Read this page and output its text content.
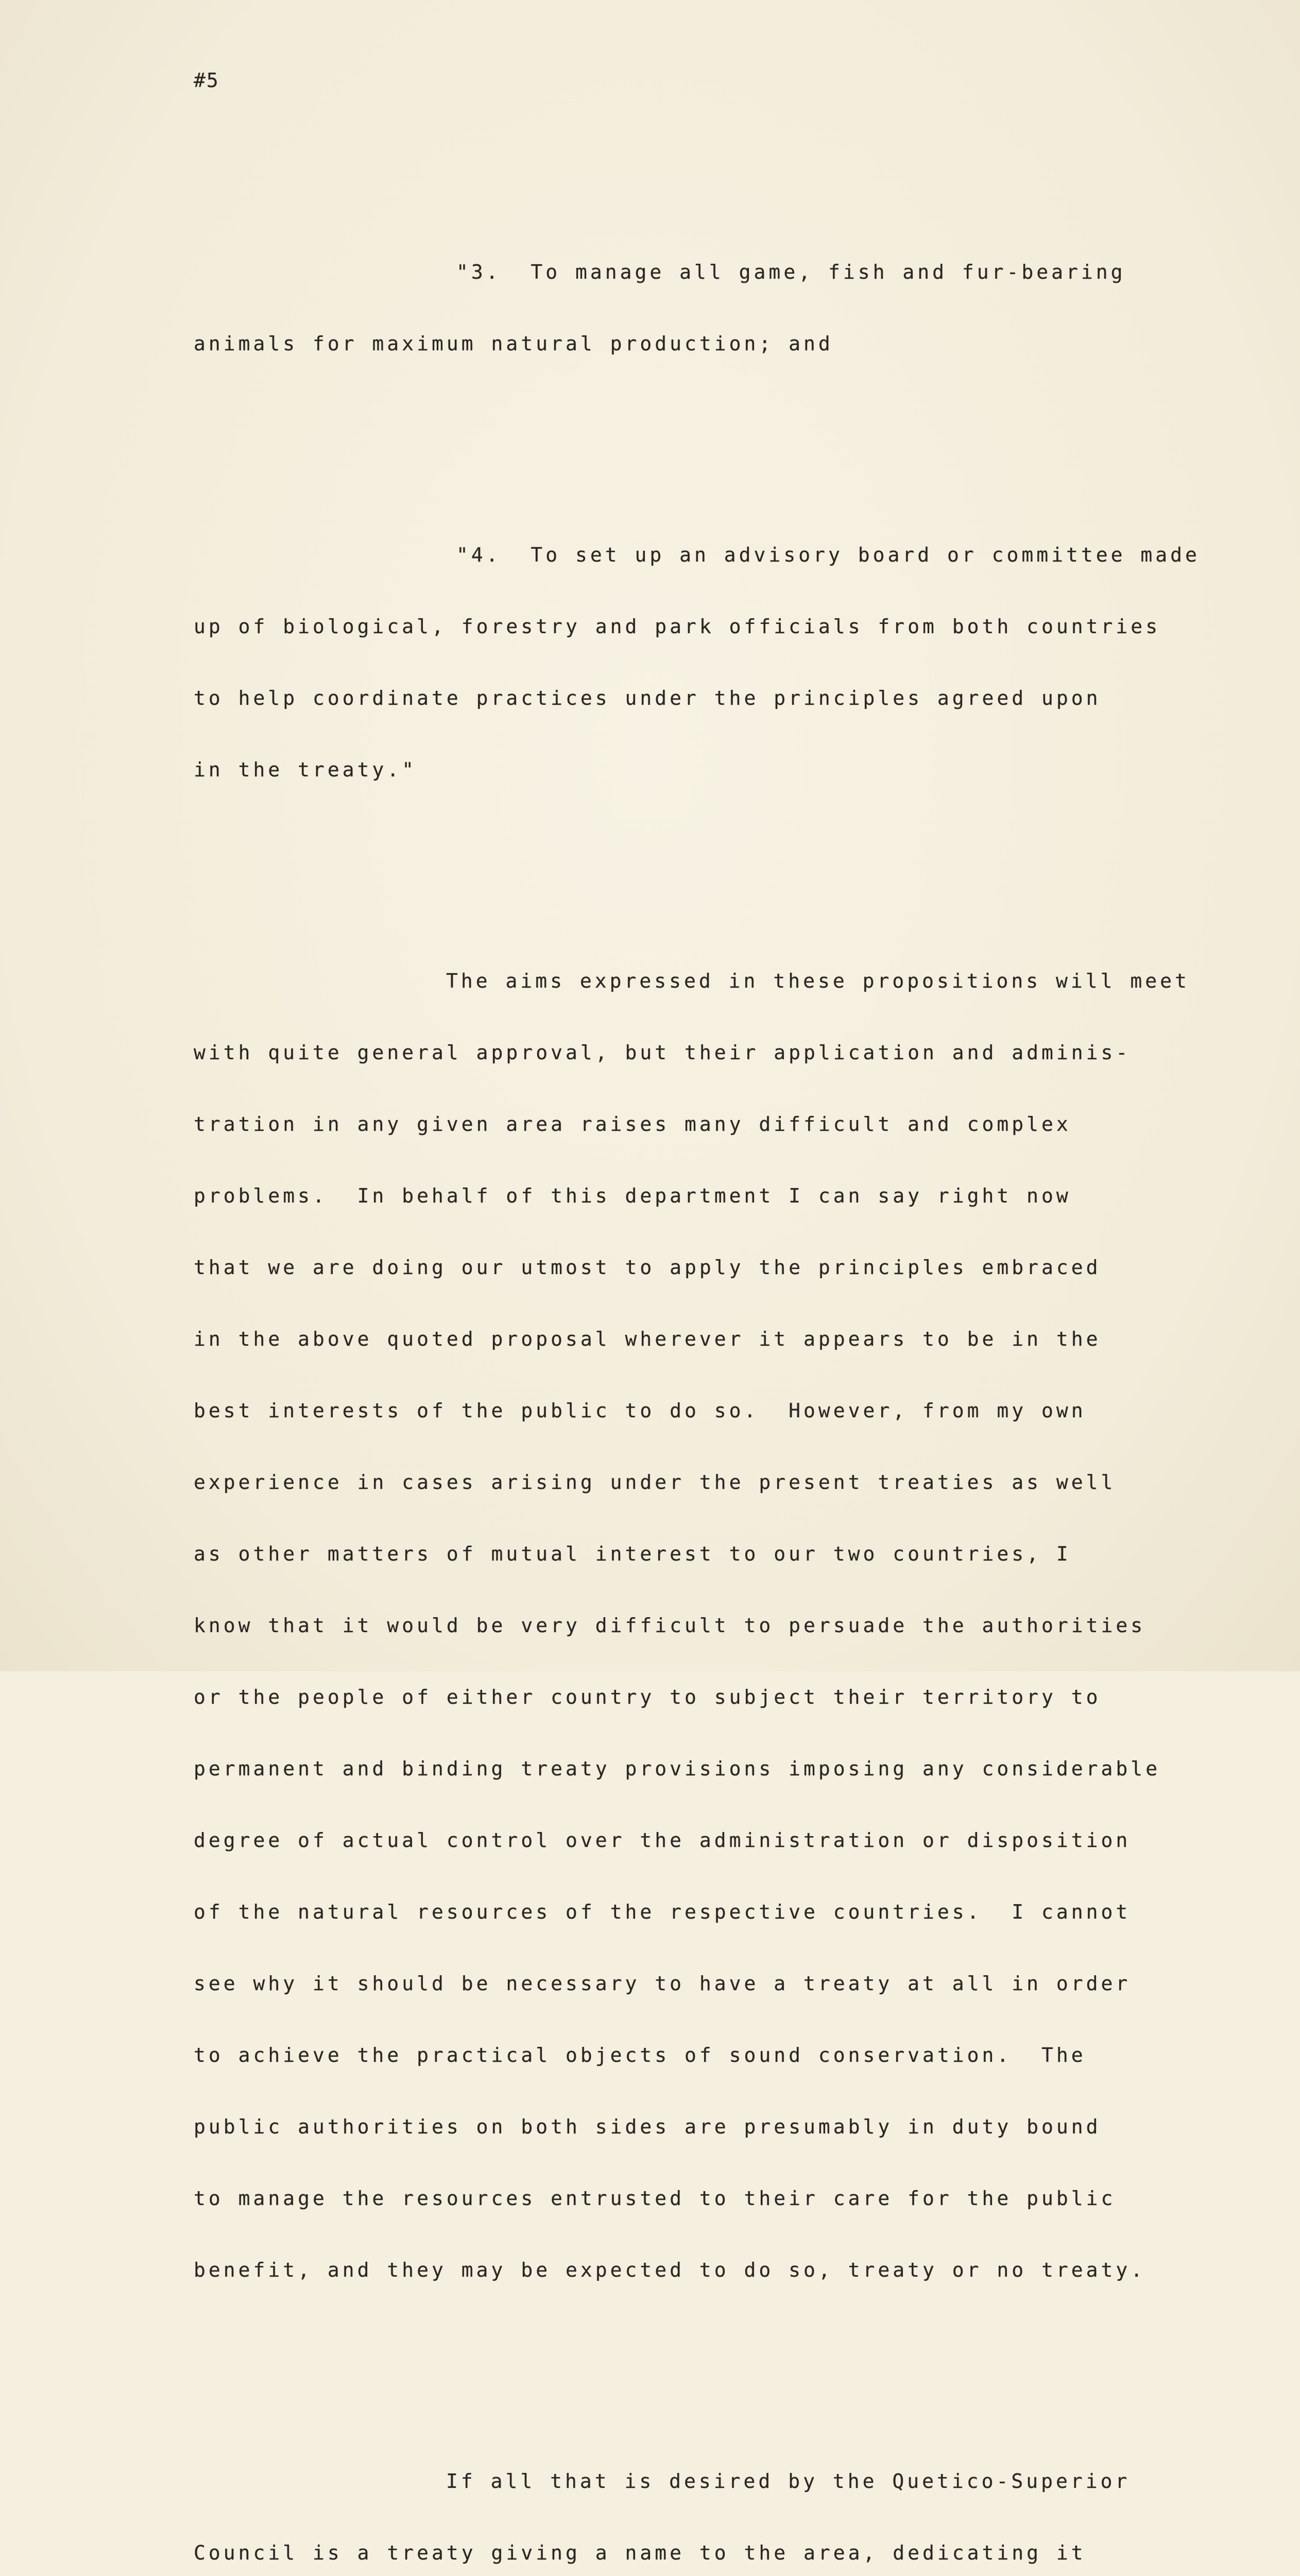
#5

"3.  To manage all game, fish and fur-bearing

animals for maximum natural production; and

"4.  To set up an advisory board or committee made

up of biological, forestry and park officials from both countries

to help coordinate practices under the principles agreed upon

in the treaty."

The aims expressed in these propositions will meet

with quite general approval, but their application and adminis-

tration in any given area raises many difficult and complex

problems.  In behalf of this department I can say right now

that we are doing our utmost to apply the principles embraced

in the above quoted proposal wherever it appears to be in the

best interests of the public to do so.  However, from my own

experience in cases arising under the present treaties as well

as other matters of mutual interest to our two countries, I

know that it would be very difficult to persuade the authorities

or the people of either country to subject their territory to

permanent and binding treaty provisions imposing any considerable

degree of actual control over the administration or disposition

of the natural resources of the respective countries.  I cannot

see why it should be necessary to have a treaty at all in order

to achieve the practical objects of sound conservation.  The

public authorities on both sides are presumably in duty bound

to manage the resources entrusted to their care for the public

benefit, and they may be expected to do so, treaty or no treaty.

If all that is desired by the Quetico-Superior

Council is a treaty giving a name to the area, dedicating it
